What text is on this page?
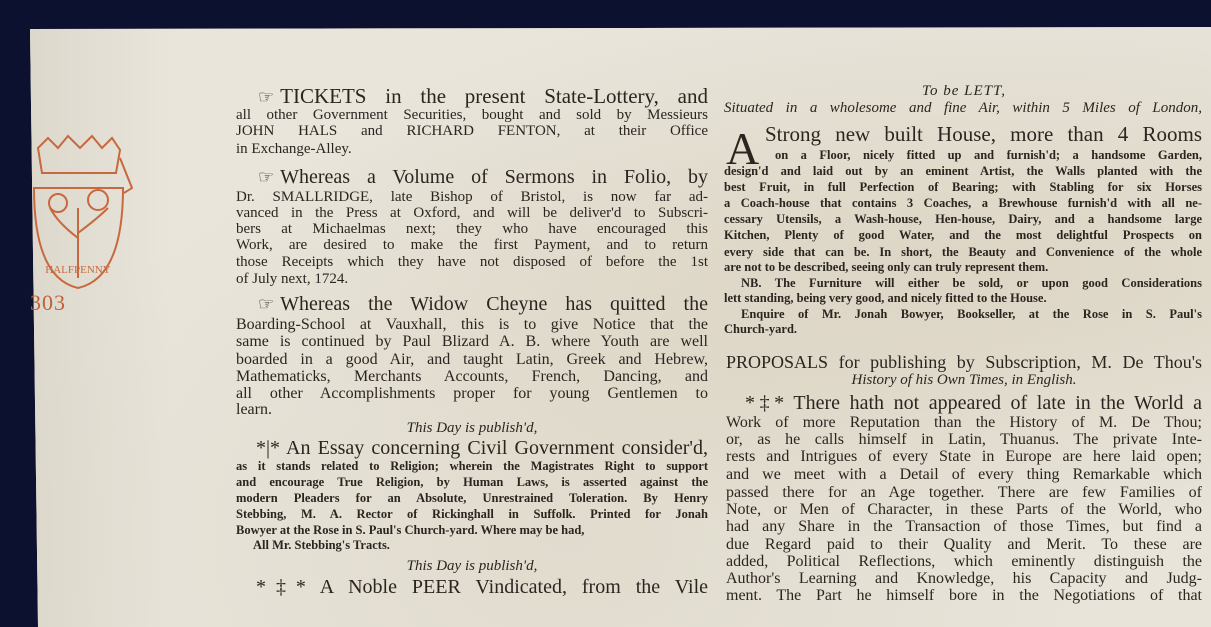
HALFPENNY
303
☞ TICKETS in the present State-Lottery, and
all other Government Securities, bought and sold by Messieurs
JOHN HALS and RICHARD FENTON, at their Office
in Exchange-Alley.
☞ Whereas a Volume of Sermons in Folio, by
Dr. SMALLRIDGE, late Bishop of Bristol, is now far ad-
vanced in the Press at Oxford, and will be deliver'd to Subscri-
bers at Michaelmas next; they who have encouraged this
Work, are desired to make the first Payment, and to return
those Receipts which they have not disposed of before the 1st
of July next, 1724.
☞ Whereas the Widow Cheyne has quitted the
Boarding-School at Vauxhall, this is to give Notice that the
same is continued by Paul Blizard A. B. where Youth are well
boarded in a good Air, and taught Latin, Greek and Hebrew,
Mathematicks, Merchants Accounts, French, Dancing, and
all other Accomplishments proper for young Gentlemen to
learn.
This Day is publish'd,
*|* An Essay concerning Civil Government consider'd,
as it stands related to Religion; wherein the Magistrates Right to support
and encourage True Religion, by Human Laws, is asserted against the
modern Pleaders for an Absolute, Unrestrained Toleration. By Henry
Stebbing, M. A. Rector of Rickinghall in Suffolk. Printed for Jonah
Bowyer at the Rose in S. Paul's Church-yard. Where may be had,
All Mr. Stebbing's Tracts.
This Day is publish'd,
*‡* A Noble PEER Vindicated, from the Vile
To be LETT,
Situated in a wholesome and fine Air, within 5 Miles of London,
A Strong new built House, more than 4 Rooms
on a Floor, nicely fitted up and furnish'd; a handsome Garden,
design'd and laid out by an eminent Artist, the Walls planted with the
best Fruit, in full Perfection of Bearing; with Stabling for six Horses
a Coach-house that contains 3 Coaches, a Brewhouse furnish'd with all ne-
cessary Utensils, a Wash-house, Hen-house, Dairy, and a handsome large
Kitchen, Plenty of good Water, and the most delightful Prospects on
every side that can be. In short, the Beauty and Convenience of the whole
are not to be described, seeing only can truly represent them.
NB. The Furniture will either be sold, or upon good Considerations
lett standing, being very good, and nicely fitted to the House.
Enquire of Mr. Jonah Bowyer, Bookseller, at the Rose in S. Paul's
Church-yard.
PROPOSALS for publishing by Subscription, M. De Thou's
History of his Own Times, in English.
*‡* There hath not appeared of late in the World a
Work of more Reputation than the History of M. De Thou;
or, as he calls himself in Latin, Thuanus. The private Inte-
rests and Intrigues of every State in Europe are here laid open;
and we meet with a Detail of every thing Remarkable which
passed there for an Age together. There are few Families of
Note, or Men of Character, in these Parts of the World, who
had any Share in the Transaction of those Times, but find a
due Regard paid to their Quality and Merit. To these are
added, Political Reflections, which eminently distinguish the
Author's Learning and Knowledge, his Capacity and Judg-
ment. The Part he himself bore in the Negotiations of that
